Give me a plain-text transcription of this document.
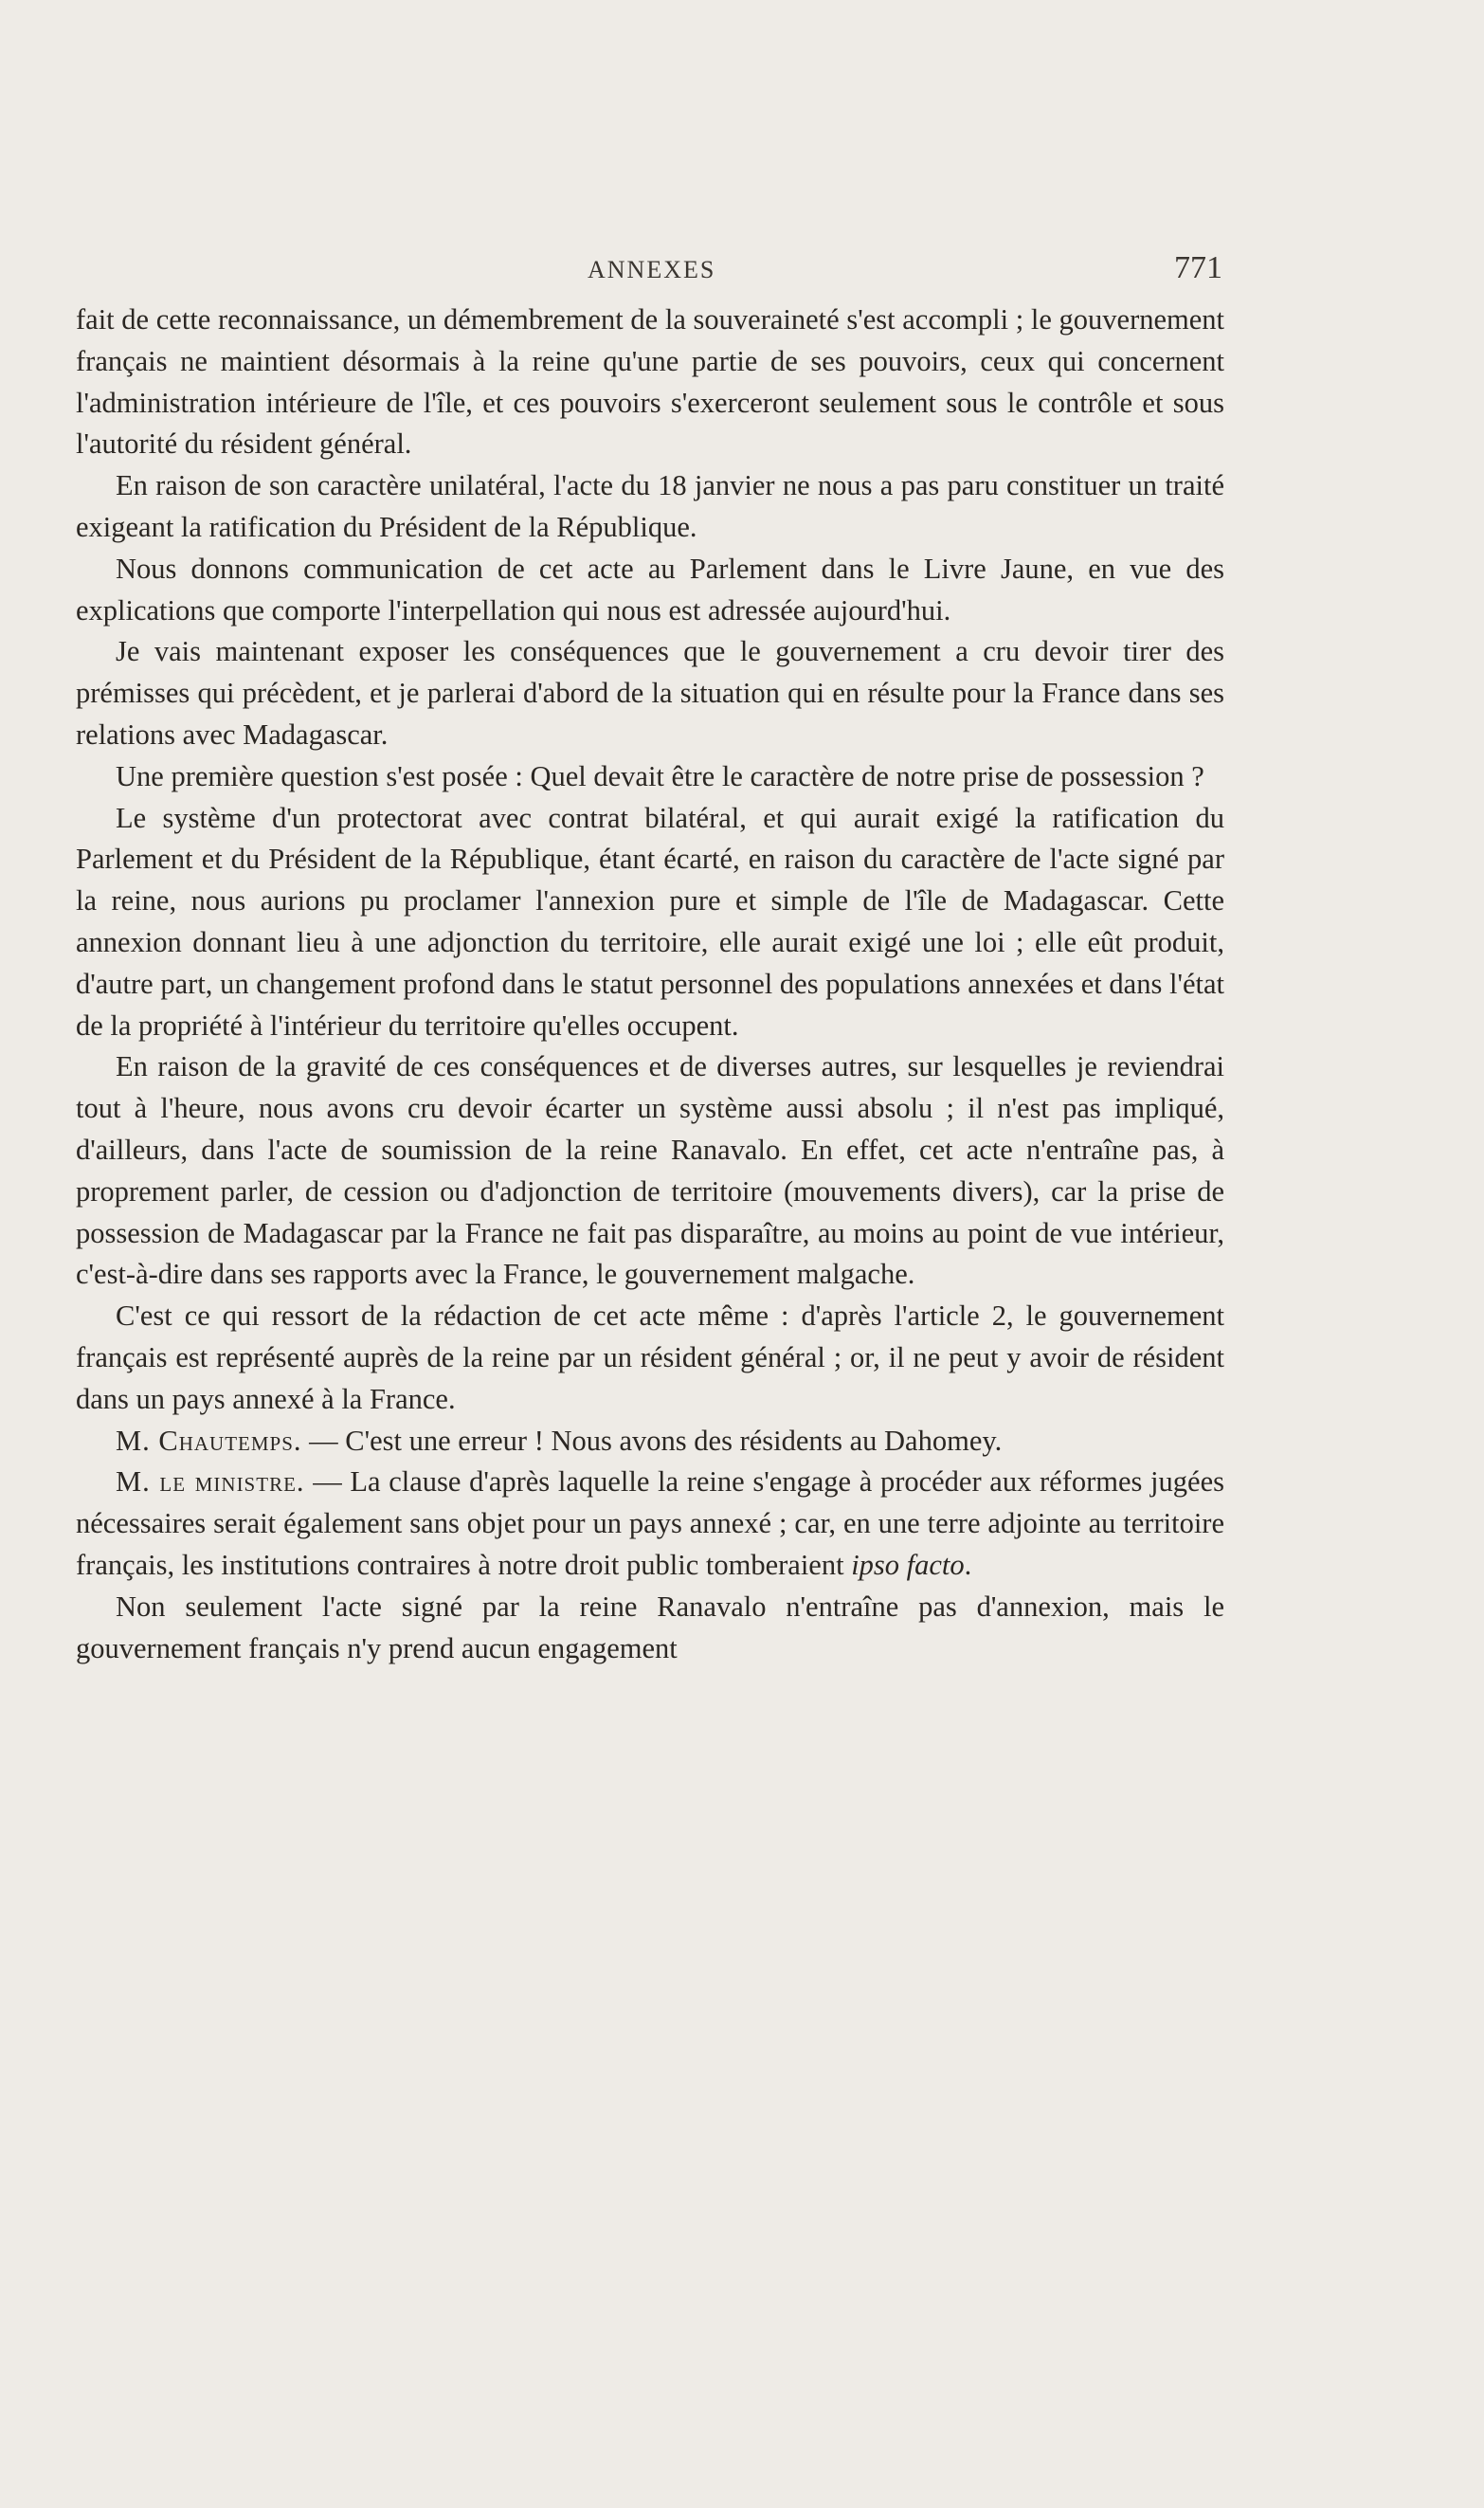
ANNEXES	771

fait de cette reconnaissance, un démembrement de la souveraineté s'est accompli ; le gouvernement français ne maintient désormais à la reine qu'une partie de ses pouvoirs, ceux qui concernent l'administration intérieure de l'île, et ces pouvoirs s'exerceront seulement sous le contrôle et sous l'autorité du résident général.

En raison de son caractère unilatéral, l'acte du 18 janvier ne nous a pas paru constituer un traité exigeant la ratification du Président de la République.

Nous donnons communication de cet acte au Parlement dans le Livre Jaune, en vue des explications que comporte l'interpellation qui nous est adressée aujourd'hui.

Je vais maintenant exposer les conséquences que le gouvernement a cru devoir tirer des prémisses qui précèdent, et je parlerai d'abord de la situation qui en résulte pour la France dans ses relations avec Madagascar.

Une première question s'est posée : Quel devait être le caractère de notre prise de possession ?

Le système d'un protectorat avec contrat bilatéral, et qui aurait exigé la ratification du Parlement et du Président de la République, étant écarté, en raison du caractère de l'acte signé par la reine, nous aurions pu proclamer l'annexion pure et simple de l'île de Madagascar. Cette annexion donnant lieu à une adjonction du territoire, elle aurait exigé une loi ; elle eût produit, d'autre part, un changement profond dans le statut personnel des populations annexées et dans l'état de la propriété à l'intérieur du territoire qu'elles occupent.

En raison de la gravité de ces conséquences et de diverses autres, sur lesquelles je reviendrai tout à l'heure, nous avons cru devoir écarter un système aussi absolu ; il n'est pas impliqué, d'ailleurs, dans l'acte de soumission de la reine Ranavalo. En effet, cet acte n'entraîne pas, à proprement parler, de cession ou d'adjonction de territoire (mouvements divers), car la prise de possession de Madagascar par la France ne fait pas disparaître, au moins au point de vue intérieur, c'est-à-dire dans ses rapports avec la France, le gouvernement malgache.

C'est ce qui ressort de la rédaction de cet acte même : d'après l'article 2, le gouvernement français est représenté auprès de la reine par un résident général ; or, il ne peut y avoir de résident dans un pays annexé à la France.

M. Chautemps. — C'est une erreur ! Nous avons des résidents au Dahomey.

M. le ministre. — La clause d'après laquelle la reine s'engage à procéder aux réformes jugées nécessaires serait également sans objet pour un pays annexé ; car, en une terre adjointe au territoire français, les institutions contraires à notre droit public tomberaient ipso facto.

Non seulement l'acte signé par la reine Ranavalo n'entraîne pas d'annexion, mais le gouvernement français n'y prend aucun engagement
